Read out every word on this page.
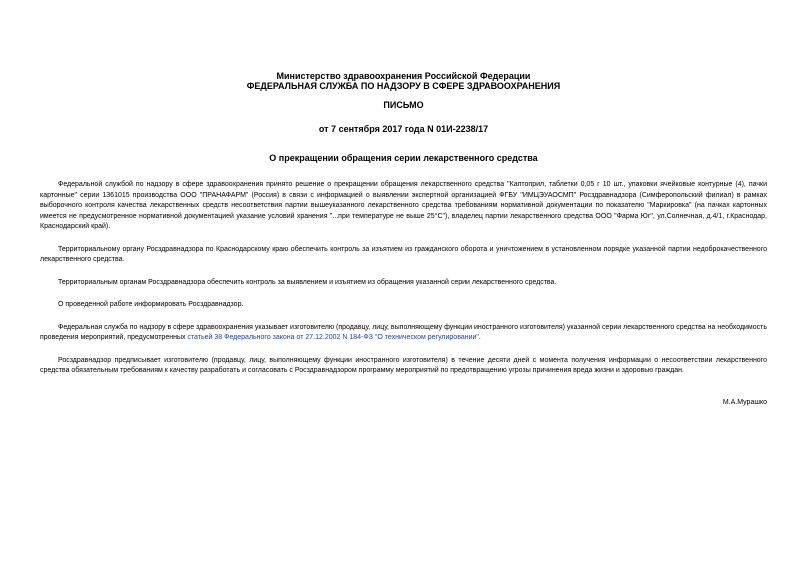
Министерство здравоохранения Российской Федерации
ФЕДЕРАЛЬНАЯ СЛУЖБА ПО НАДЗОРУ В СФЕРЕ ЗДРАВООХРАНЕНИЯ
ПИСЬМО
от 7 сентября 2017 года N 01И-2238/17
О прекращении обращения серии лекарственного средства

Федеральной службой по надзору в сфере здравоохранения принято решение о прекращении обращения лекарственного средства "Каптоприл, таблетки 0,05 г 10 шт., упаковки ячейковые контурные (4), пачки картонные" серии 1361015 производства ООО "ПРАНАФАРМ" (Россия) в связи с информацией о выявлении экспертной организацией ФГБУ "ИМЦЭУАОСМП" Росздравнадзора (Симферопольский филиал) в рамках выборочного контроля качества лекарственных средств несоответствия партии вышеуказанного лекарственного средства требованиям нормативной документации по показателю "Маркировка" (на пачках картонных имеется не предусмотренное нормативной документацией указание условий хранения "...при температуре не выше 25°С"), владелец партии лекарственного средства ООО "Фарма Юг", ул.Солнечная, д.4/1, г.Краснодар, Краснодарский край).

Территориальному органу Росздравнадзора по Краснодарскому краю обеспечить контроль за изъятием из гражданского оборота и уничтожением в установленном порядке указанной партии недоброкачественного лекарственного средства.

Территориальным органам Росздравнадзора обеспечить контроль за выявлением и изъятием из обращения указанной серии лекарственного средства.

О проведенной работе информировать Росздравнадзор.

Федеральная служба по надзору в сфере здравоохранения указывает изготовителю (продавцу, лицу, выполняющему функции иностранного изготовителя) указанной серии лекарственного средства на необходимость проведения мероприятий, предусмотренных статьей 38 Федерального закона от 27.12.2002 N 184-ФЗ "О техническом регулировании".

Росздравнадзор предписывает изготовителю (продавцу, лицу, выполняющему функции иностранного изготовителя) в течение десяти дней с момента получения информации о несоответствии лекарственного средства обязательным требованиям к качеству разработать и согласовать с Росздравнадзором программу мероприятий по предотвращению угрозы причинения вреда жизни и здоровью граждан.

М.А.Мурашко
